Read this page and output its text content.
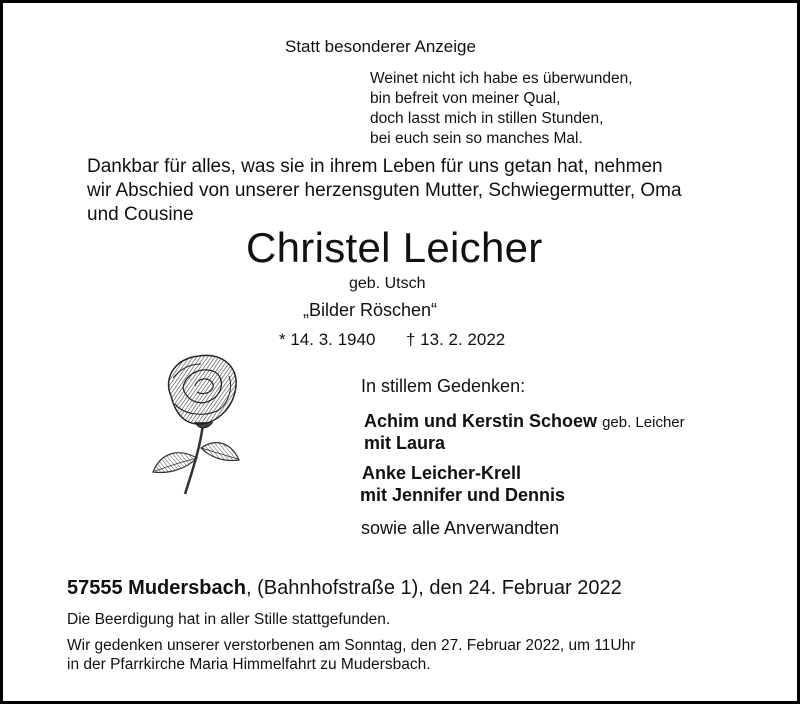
Statt besonderer Anzeige
Weinet nicht ich habe es überwunden,
bin befreit von meiner Qual,
doch lasst mich in stillen Stunden,
bei euch sein so manches Mal.
Dankbar für alles, was sie in ihrem Leben für uns getan hat, nehmen
wir Abschied von unserer herzensguten Mutter, Schwiegermutter, Oma
und Cousine
Christel Leicher
geb. Utsch
„Bilder Röschen“
* 14. 3. 1940 † 13. 2. 2022
In stillem Gedenken:
Achim und Kerstin Schoew geb. Leicher
mit Laura
Anke Leicher-Krell
mit Jennifer und Dennis
sowie alle Anverwandten
57555 Mudersbach, (Bahnhofstraße 1), den 24. Februar 2022
Die Beerdigung hat in aller Stille stattgefunden.
Wir gedenken unserer verstorbenen am Sonntag, den 27. Februar 2022, um 11Uhr
in der Pfarrkirche Maria Himmelfahrt zu Mudersbach.
